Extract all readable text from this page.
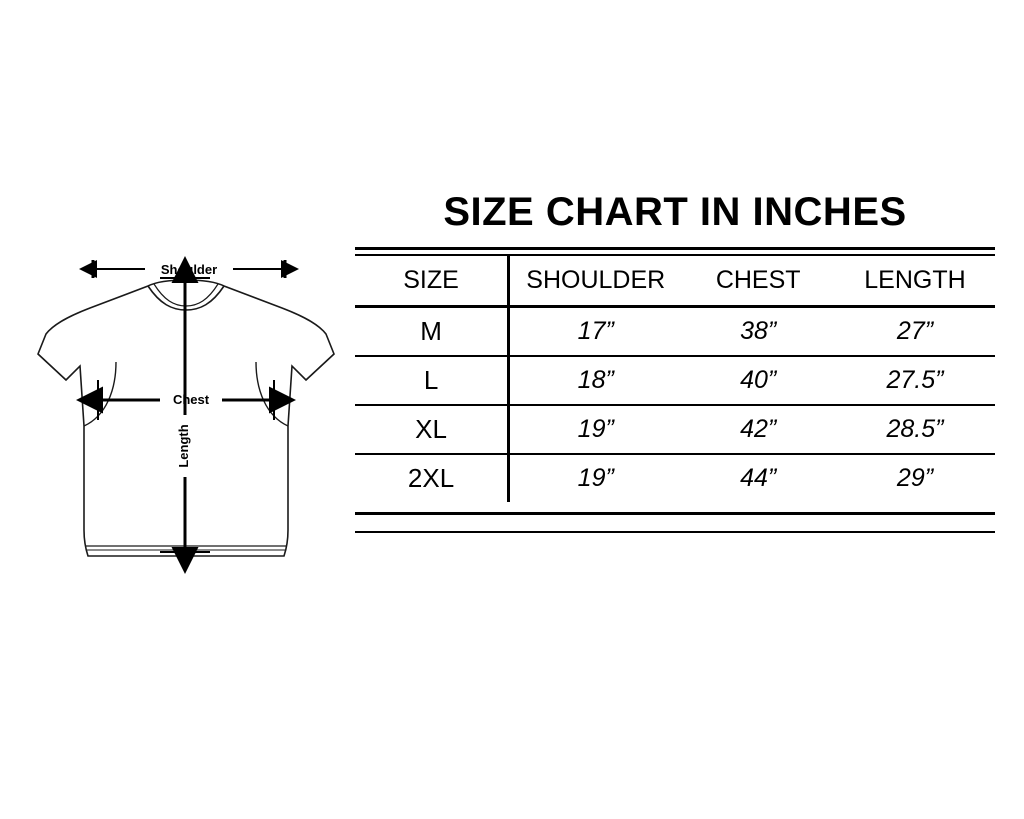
Shoulder
Chest
Length
SIZE CHART IN INCHES
SIZE	SHOULDER	CHEST	LENGTH
M	17”	38”	27”
L	18”	40”	27.5”
XL	19”	42”	28.5”
2XL	19”	44”	29”
